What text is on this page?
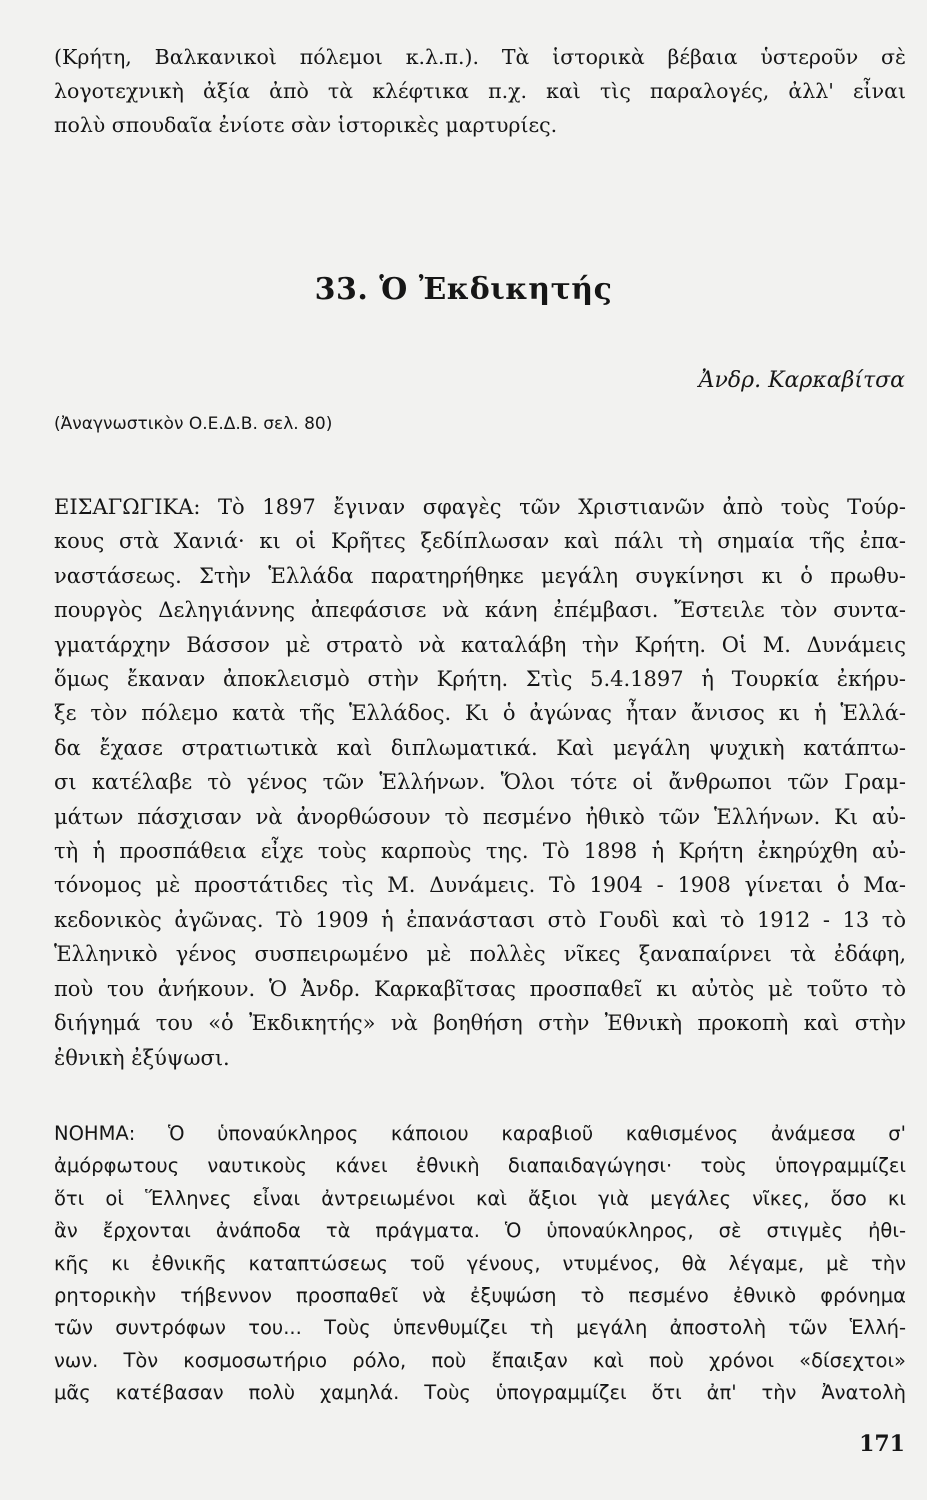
(Κρήτη, Βαλκανικοὶ πόλεμοι κ.λ.π.). Τὰ ἱστορικὰ βέβαια ὑστεροῦν σὲ
λογοτεχνικὴ ἀξία ἀπὸ τὰ κλέφτικα π.χ. καὶ τὶς παραλογές, ἀλλ' εἶναι
πολὺ σπουδαῖα ἐνίοτε σὰν ἱστορικὲς μαρτυρίες.
33. Ὁ Ἐκδικητής

Ἀνδρ. Καρκαβίτσα

(Ἀναγνωστικὸν Ο.Ε.Δ.Β. σελ. 80)

ΕΙΣΑΓΩΓΙΚΑ: Τὸ 1897 ἔγιναν σφαγὲς τῶν Χριστιανῶν ἀπὸ τοὺς Τούρ-
κους στὰ Χανιά· κι οἱ Κρῆτες ξεδίπλωσαν καὶ πάλι τὴ σημαία τῆς ἐπα-
ναστάσεως. Στὴν Ἑλλάδα παρατηρήθηκε μεγάλη συγκίνησι κι ὁ πρωθυ-
πουργὸς Δεληγιάννης ἀπεφάσισε νὰ κάνη ἐπέμβασι. Ἔστειλε τὸν συντα-
γματάρχην Βάσσον μὲ στρατὸ νὰ καταλάβη τὴν Κρήτη. Οἱ Μ. Δυνάμεις
ὅμως ἔκαναν ἀποκλεισμὸ στὴν Κρήτη. Στὶς 5.4.1897 ἡ Τουρκία ἐκήρυ-
ξε τὸν πόλεμο κατὰ τῆς Ἑλλάδος. Κι ὁ ἀγώνας ἦταν ἄνισος κι ἡ Ἑλλά-
δα ἔχασε στρατιωτικὰ καὶ διπλωματικά. Καὶ μεγάλη ψυχικὴ κατάπτω-
σι κατέλαβε τὸ γένος τῶν Ἑλλήνων. Ὅλοι τότε οἱ ἄνθρωποι τῶν Γραμ-
μάτων πάσχισαν νὰ ἀνορθώσουν τὸ πεσμένο ἠθικὸ τῶν Ἑλλήνων. Κι αὐ-
τὴ ἡ προσπάθεια εἶχε τοὺς καρποὺς της. Τὸ 1898 ἡ Κρήτη ἐκηρύχθη αὐ-
τόνομος μὲ προστάτιδες τὶς Μ. Δυνάμεις. Τὸ 1904 - 1908 γίνεται ὁ Μα-
κεδονικὸς ἀγῶνας. Τὸ 1909 ἡ ἐπανάστασι στὸ Γουδὶ καὶ τὸ 1912 - 13 τὸ
Ἑλληνικὸ γένος συσπειρωμένο μὲ πολλὲς νῖκες ξαναπαίρνει τὰ ἐδάφη,
ποὺ του ἀνήκουν. Ὁ Ἀνδρ. Καρκαβῖτσας προσπαθεῖ κι αὐτὸς μὲ τοῦτο τὸ
διήγημά του «ὁ Ἐκδικητής» νὰ βοηθήση στὴν Ἐθνικὴ προκοπὴ καὶ στὴν
ἐθνικὴ ἐξύψωσι.
ΝΟΗΜΑ: Ὁ ὑποναύκληρος κάποιου καραβιοῦ καθισμένος ἀνάμεσα σ'
ἀμόρφωτους ναυτικοὺς κάνει ἐθνικὴ διαπαιδαγώγησι· τοὺς ὑπογραμμίζει
ὅτι οἱ Ἕλληνες εἶναι ἀντρειωμένοι καὶ ἄξιοι γιὰ μεγάλες νῖκες, ὅσο κι
ἂν ἔρχονται ἀνάποδα τὰ πράγματα. Ὁ ὑποναύκληρος, σὲ στιγμὲς ἠθι-
κῆς κι ἐθνικῆς καταπτώσεως τοῦ γένους, ντυμένος, θὰ λέγαμε, μὲ τὴν
ρητορικὴν τήβεννον προσπαθεῖ νὰ ἐξυψώση τὸ πεσμένο ἐθνικὸ φρόνημα
τῶν συντρόφων του... Τοὺς ὑπενθυμίζει τὴ μεγάλη ἀποστολὴ τῶν Ἑλλή-
νων. Τὸν κοσμοσωτήριο ρόλο, ποὺ ἔπαιξαν καὶ ποὺ χρόνοι «δίσεχτοι»
μᾶς κατέβασαν πολὺ χαμηλά. Τοὺς ὑπογραμμίζει ὅτι ἀπ' τὴν Ἀνατολὴ

171
